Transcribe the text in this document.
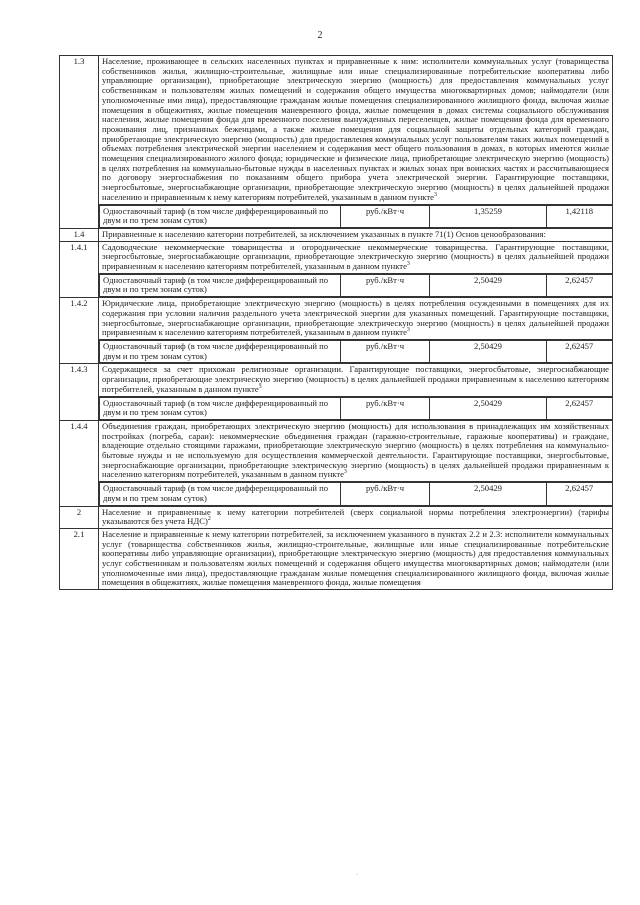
2
1.3	Население, проживающее в сельских населенных пунктах и приравненные к ним: исполнители коммунальных услуг (товарищества собственников жилья, жилищно-строительные, жилищные или иные специализированные потребительские кооперативы либо управляющие организации), приобретающие электрическую энергию (мощность) для предоставления коммунальных услуг собственникам и пользователям жилых помещений и содержания общего имущества многоквартирных домов; наймодатели (или уполномоченные ими лица), предоставляющие гражданам жилые помещения специализированного жилищного фонда, включая жилые помещения в общежитиях, жилые помещения маневренного фонда, жилые помещения в домах системы социального обслуживания населения, жилые помещения фонда для временного поселения вынужденных переселенцев, жилые помещения фонда для временного проживания лиц, признанных беженцами, а также жилые помещения для социальной защиты отдельных категорий граждан, приобретающие электрическую энергию (мощность) для предоставления коммунальных услуг пользователям таких жилых помещений в объемах потребления электрической энергии населением и содержания мест общего пользования в домах, в которых имеются жилые помещения специализированного жилого фонда; юридические и физические лица, приобретающие электрическую энергию (мощность) в целях потребления на коммунально-бытовые нужды в населенных пунктах и жилых зонах при воинских частях и рассчитывающиеся по договору энергоснабжения по показаниям общего прибора учета электрической энергии. Гарантирующие поставщики, энергосбытовые, энергоснабжающие организации, приобретающие электрическую энергию (мощность) в целях дальнейшей продажи населению и приравненным к нему категориям потребителей, указанным в данном пункте$^3$

Одноставочный тариф (в том числе дифференцированный по двум и по трем зонам суток)	руб./кВт·ч	1,35259	1,42118

1.4	Приравненные к населению категории потребителей, за исключением указанных в пункте 71(1) Основ ценообразования:

1.4.1	Садоводческие некоммерческие товарищества и огороднические некоммерческие товарищества. Гарантирующие поставщики, энергосбытовые, энергоснабжающие организации, приобретающие электрическую энергию (мощность) в целях дальнейшей продажи приравненным к населению категориям потребителей, указанным в данном пункте$^3$

Одноставочный тариф (в том числе дифференцированный по двум и по трем зонам суток)	руб./кВт·ч	2,50429	2,62457

1.4.2	Юридические лица, приобретающие электрическую энергию (мощность) в целях потребления осужденными в помещениях для их содержания при условии наличия раздельного учета электрической энергии для указанных помещений. Гарантирующие поставщики, энергосбытовые, энергоснабжающие организации, приобретающие электрическую энергию (мощность) в целях дальнейшей продажи приравненным к населению категориям потребителей, указанным в данном пункте$^3$

Одноставочный тариф (в том числе дифференцированный по двум и по трем зонам суток)	руб./кВт·ч	2,50429	2,62457

1.4.3	Содержащиеся за счет прихожан религиозные организации. Гарантирующие поставщики, энергосбытовые, энергоснабжающие организации, приобретающие электрическую энергию (мощность) в целях дальнейшей продажи приравненным к населению категориям потребителей, указанным в данном пункте$^3$

Одноставочный тариф (в том числе дифференцированный по двум и по трем зонам суток)	руб./кВт·ч	2,50429	2,62457

1.4.4	Объединения граждан, приобретающих электрическую энергию (мощность) для использования в принадлежащих им хозяйственных постройках (погреба, сараи): некоммерческие объединения граждан (гаражно-строительные, гаражные кооперативы) и граждане, владеющие отдельно стоящими гаражами, приобретающие электрическую энергию (мощность) в целях потребления на коммунально-бытовые нужды и не используемую для осуществления коммерческой деятельности. Гарантирующие поставщики, энергосбытовые, энергоснабжающие организации, приобретающие электрическую энергию (мощность) в целях дальнейшей продажи приравненным к населению категориям потребителей, указанным в данном пункте$^3$

Одноставочный тариф (в том числе дифференцированный по двум и по трем зонам суток)	руб./кВт·ч	2,50429	2,62457

2	Население и приравненные к нему категории потребителей (сверх социальной нормы потребления электроэнергии) (тарифы указываются без учета НДС)$^2$

2.1	Население и приравненные к нему категории потребителей, за исключением указанного в пунктах 2.2 и 2.3: исполнители коммунальных услуг (товарищества собственников жилья, жилищно-строительные, жилищные или иные специализированные потребительские кооперативы либо управляющие организации), приобретающие электрическую энергию (мощность) для предоставления коммунальных услуг собственникам и пользователям жилых помещений и содержания общего имущества многоквартирных домов; наймодатели (или уполномоченные ими лица), предоставляющие гражданам жилые помещения специализированного жилищного фонда, включая жилые помещения в общежитиях, жилые помещения маневренного фонда, жилые помещения

·
